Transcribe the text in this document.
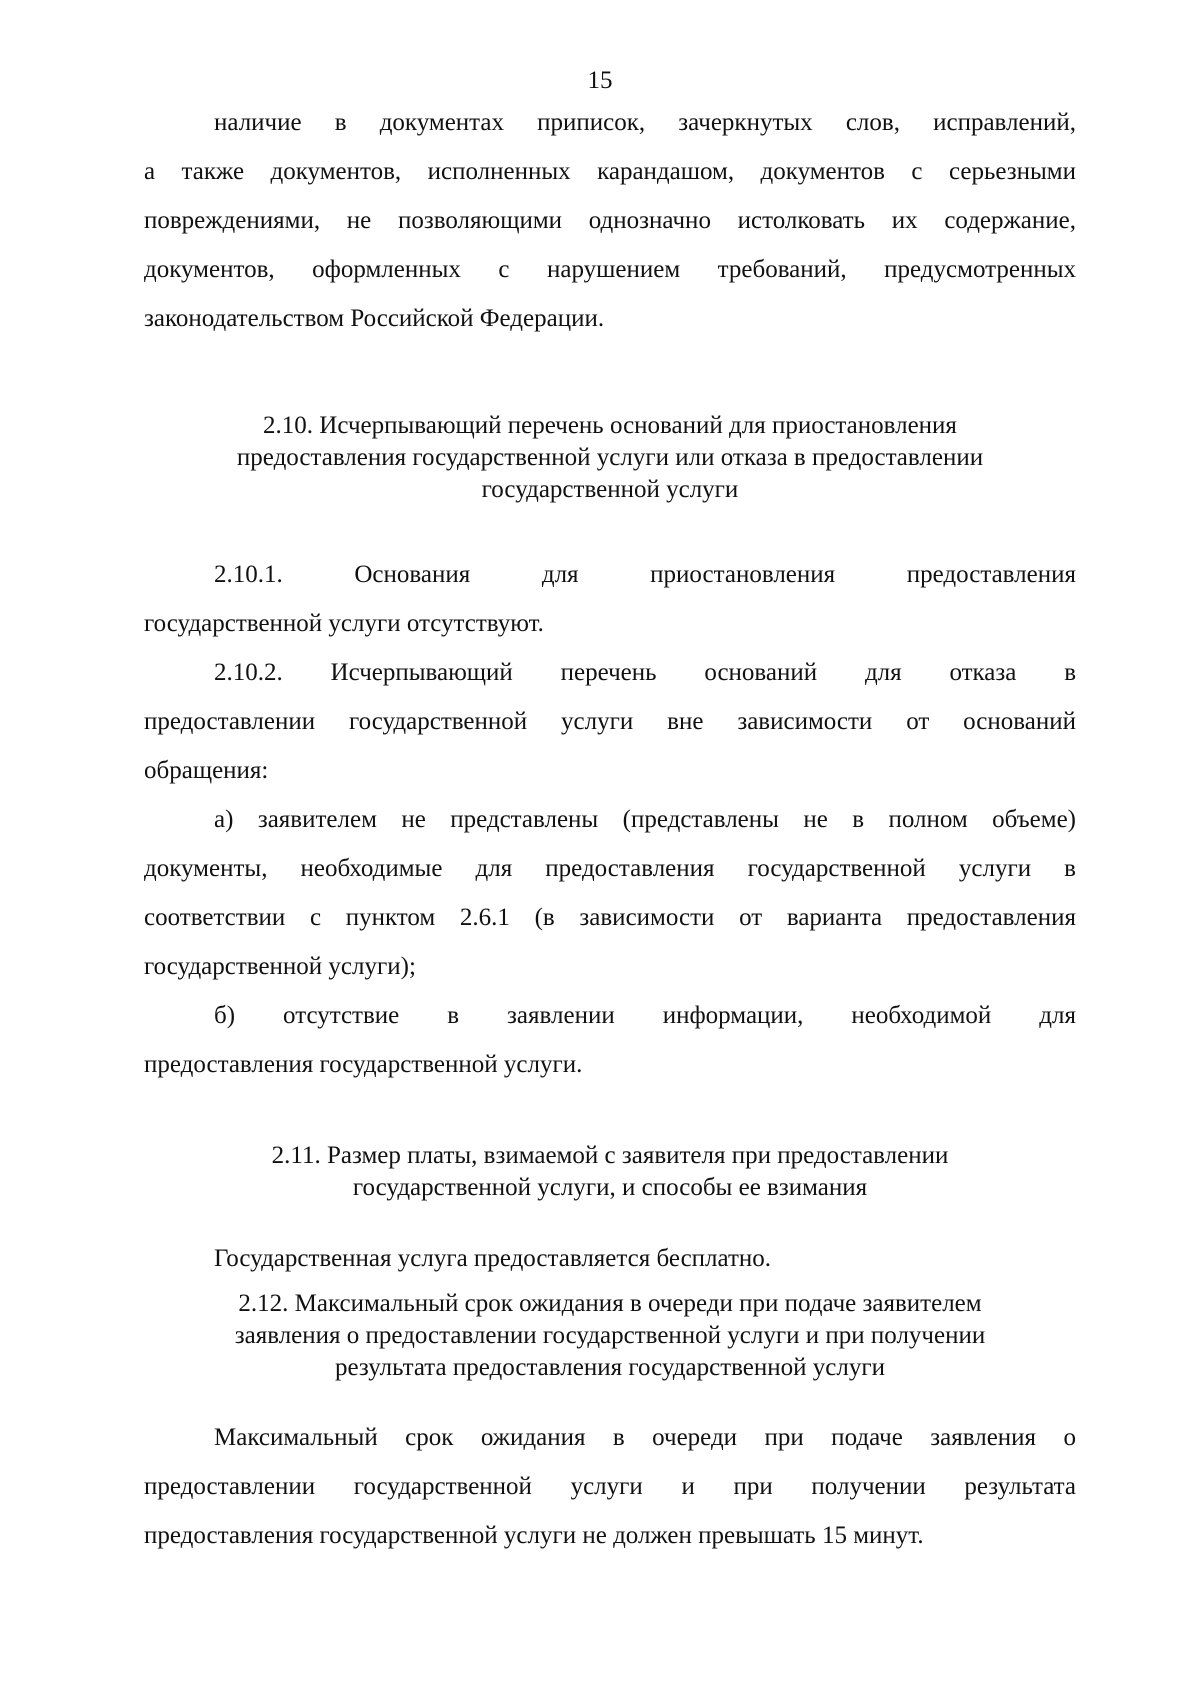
15

наличие в документах приписок, зачеркнутых слов, исправлений,

а также документов, исполненных карандашом, документов с серьезными

повреждениями, не позволяющими однозначно истолковать их содержание,

документов, оформленных с нарушением требований, предусмотренных

законодательством Российской Федерации.

2.10. Исчерпывающий перечень оснований для приостановления
предоставления государственной услуги или отказа в предоставлении
государственной услуги

2.10.1. Основания для приостановления предоставления

государственной услуги отсутствуют.

2.10.2. Исчерпывающий перечень оснований для отказа в

предоставлении государственной услуги вне зависимости от оснований

обращения:

а) заявителем не представлены (представлены не в полном объеме)

документы, необходимые для предоставления государственной услуги в

соответствии с пунктом 2.6.1 (в зависимости от варианта предоставления

государственной услуги);

б) отсутствие в заявлении информации, необходимой для

предоставления государственной услуги.

2.11. Размер платы, взимаемой с заявителя при предоставлении
государственной услуги, и способы ее взимания

Государственная услуга предоставляется бесплатно.

2.12. Максимальный срок ожидания в очереди при подаче заявителем
заявления о предоставлении государственной услуги и при получении
результата предоставления государственной услуги

Максимальный срок ожидания в очереди при подаче заявления о

предоставлении государственной услуги и при получении результата

предоставления государственной услуги не должен превышать 15 минут.
